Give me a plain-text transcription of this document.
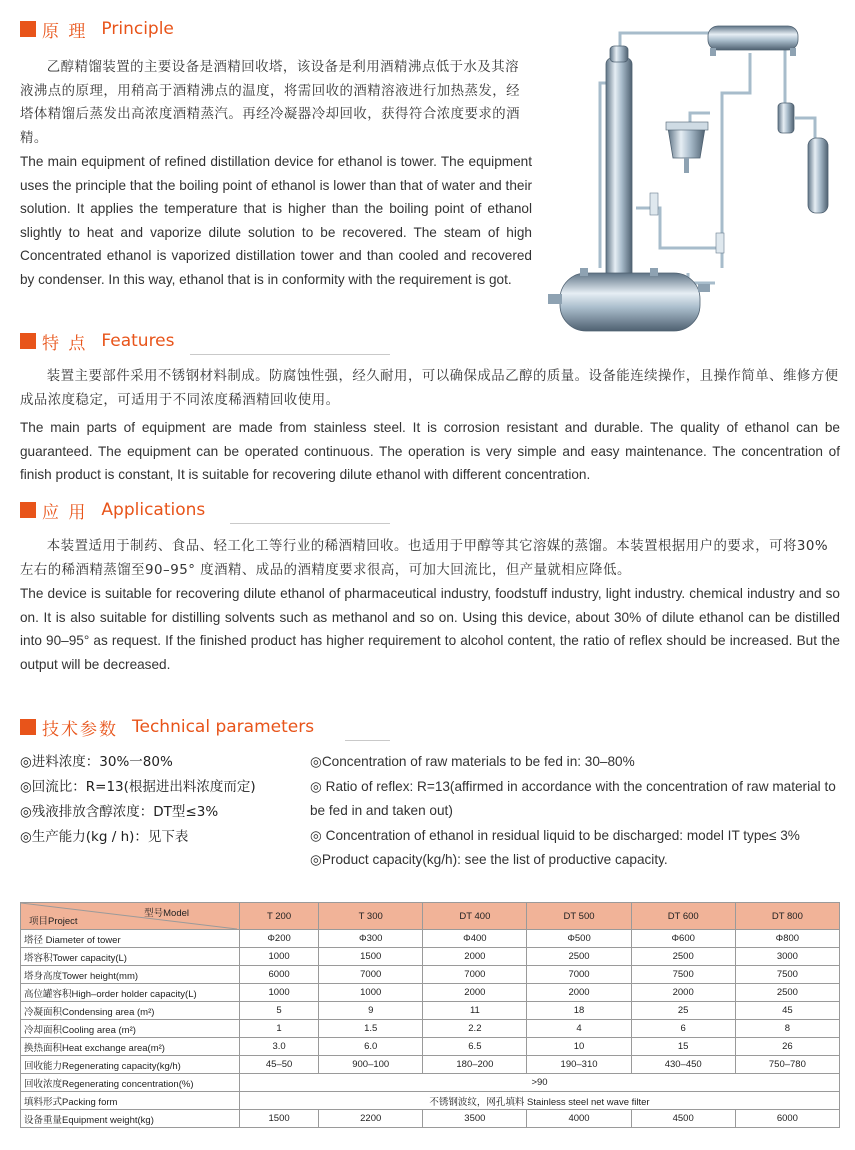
原 理 Principle

乙醇精馏装置的主要设备是酒精回收塔，该设备是利用酒精沸点低于水及其溶液沸点的原理，用稍高于酒精沸点的温度，将需回收的酒精溶液进行加热蒸发，经塔体精馏后蒸发出高浓度酒精蒸汽。再经冷凝器冷却回收，获得符合浓度要求的酒精。

The main equipment of refined distillation device for ethanol is tower. The equipment uses the principle that the boiling point of ethanol is lower than that of water and their solution. It applies the temperature that is higher than the boiling point of ethanol slightly to heat and vaporize dilute solution to be recovered. The steam of high Concentrated ethanol is vaporized distillation tower and than cooled and recovered by condenser. In this way, ethanol that is in conformity with the requirement is got.

特 点 Features

装置主要部件采用不锈钢材料制成。防腐蚀性强，经久耐用，可以确保成品乙醇的质量。设备能连续操作，且操作简单、维修方便成品浓度稳定，可适用于不同浓度稀酒精回收使用。

The main parts of equipment are made from stainless steel. It is corrosion resistant and durable. The quality of ethanol can be guaranteed. The equipment can be operated continuous. The operation is very simple and easy maintenance. The concentration of finish product is constant, It is suitable for recovering dilute ethanol with different concentration.

应 用 Applications

本装置适用于制药、食品、轻工化工等行业的稀酒精回收。也适用于甲醇等其它溶媒的蒸馏。本装置根据用户的要求，可将30%左右的稀酒精蒸馏至90–95° 度酒精、成品的酒精度要求很高，可加大回流比，但产量就相应降低。

The device is suitable for recovering dilute ethanol of pharmaceutical industry, foodstuff industry, light industry. chemical industry and so on. It is also suitable for distilling solvents such as methanol and so on. Using this device, about 30% of dilute ethanol can be distilled into 90–95° as request. If the finished product has higher requirement to alcohol content, the ratio of reflex should be increased. But the output will be decreased.

技术参数 Technical parameters
◎进料浓度：30%一80%
◎回流比：R=13(根据进出料浓度而定)
◎残液排放含醇浓度：DT型≤3%
◎生产能力(kg / h)：见下表
◎Concentration of raw materials to be fed in: 30–80%
◎ Ratio of reflex: R=13(affirmed in accordance with the concentration of raw material to be fed in and taken out)
◎ Concentration of ethanol in residual liquid to be discharged: model IT type≤ 3%
◎Product capacity(kg/h): see the list of productive capacity.
型号Model
项目Project	T 200	T 300	DT 400	DT 500	DT 600	DT 800
塔径 Diameter of tower	Φ200	Φ300	Φ400	Φ500	Φ600	Φ800
塔容积Tower capacity(L)	1000	1500	2000	2500	2500	3000
塔身高度Tower height(mm)	6000	7000	7000	7000	7500	7500
高位罐容积High–order holder capacity(L)	1000	1000	2000	2000	2000	2500
冷凝面积Condensing area (m²)	5	9	11	18	25	45
冷却面积Cooling area (m²)	1	1.5	2.2	4	6	8
换热面积Heat exchange area(m²)	3.0	6.0	6.5	10	15	26
回收能力Regenerating capacity(kg/h)	45–50	900–100	180–200	190–310	430–450	750–780
回收浓度Regenerating concentration(%)	>90					
填料形式Packing form	不锈钢波纹，网孔填料 Stainless steel net wave filter					
设备重量Equipment weight(kg)	1500	2200	3500	4000	4500	6000
